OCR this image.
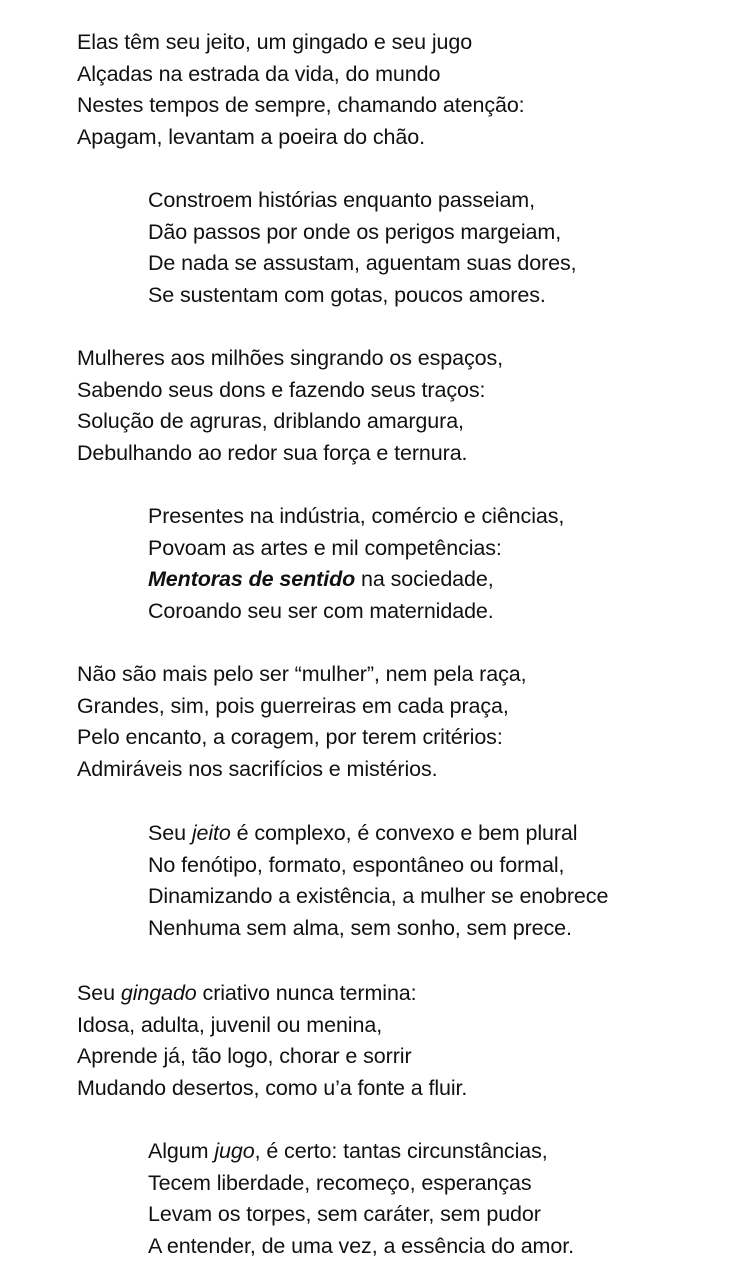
Elas têm seu jeito, um gingado e seu jugo
Alçadas na estrada da vida, do mundo
Nestes tempos de sempre, chamando atenção:
Apagam, levantam a poeira do chão.
Constroem histórias enquanto passeiam,
Dão passos por onde os perigos margeiam,
De nada se assustam, aguentam suas dores,
Se sustentam com gotas, poucos amores.
Mulheres aos milhões singrando os espaços,
Sabendo seus dons e fazendo seus traços:
Solução de agruras, driblando amargura,
Debulhando ao redor sua força e ternura.
Presentes na indústria, comércio e ciências,
Povoam as artes e mil competências:
Mentoras de sentido na sociedade,
Coroando seu ser com maternidade.
Não são mais pelo ser “mulher”, nem pela raça,
Grandes, sim, pois guerreiras em cada praça,
Pelo encanto, a coragem, por terem critérios:
Admiráveis nos sacrifícios e mistérios.
Seu jeito é complexo, é convexo e bem plural
No fenótipo, formato, espontâneo ou formal,
Dinamizando a existência, a mulher se enobrece
Nenhuma sem alma, sem sonho, sem prece.
Seu gingado criativo nunca termina:
Idosa, adulta, juvenil ou menina,
Aprende já, tão logo, chorar e sorrir
Mudando desertos, como u’a fonte a fluir.
Algum jugo, é certo: tantas circunstâncias,
Tecem liberdade, recomeço, esperanças
Levam os torpes, sem caráter, sem pudor
A entender, de uma vez, a essência do amor.
